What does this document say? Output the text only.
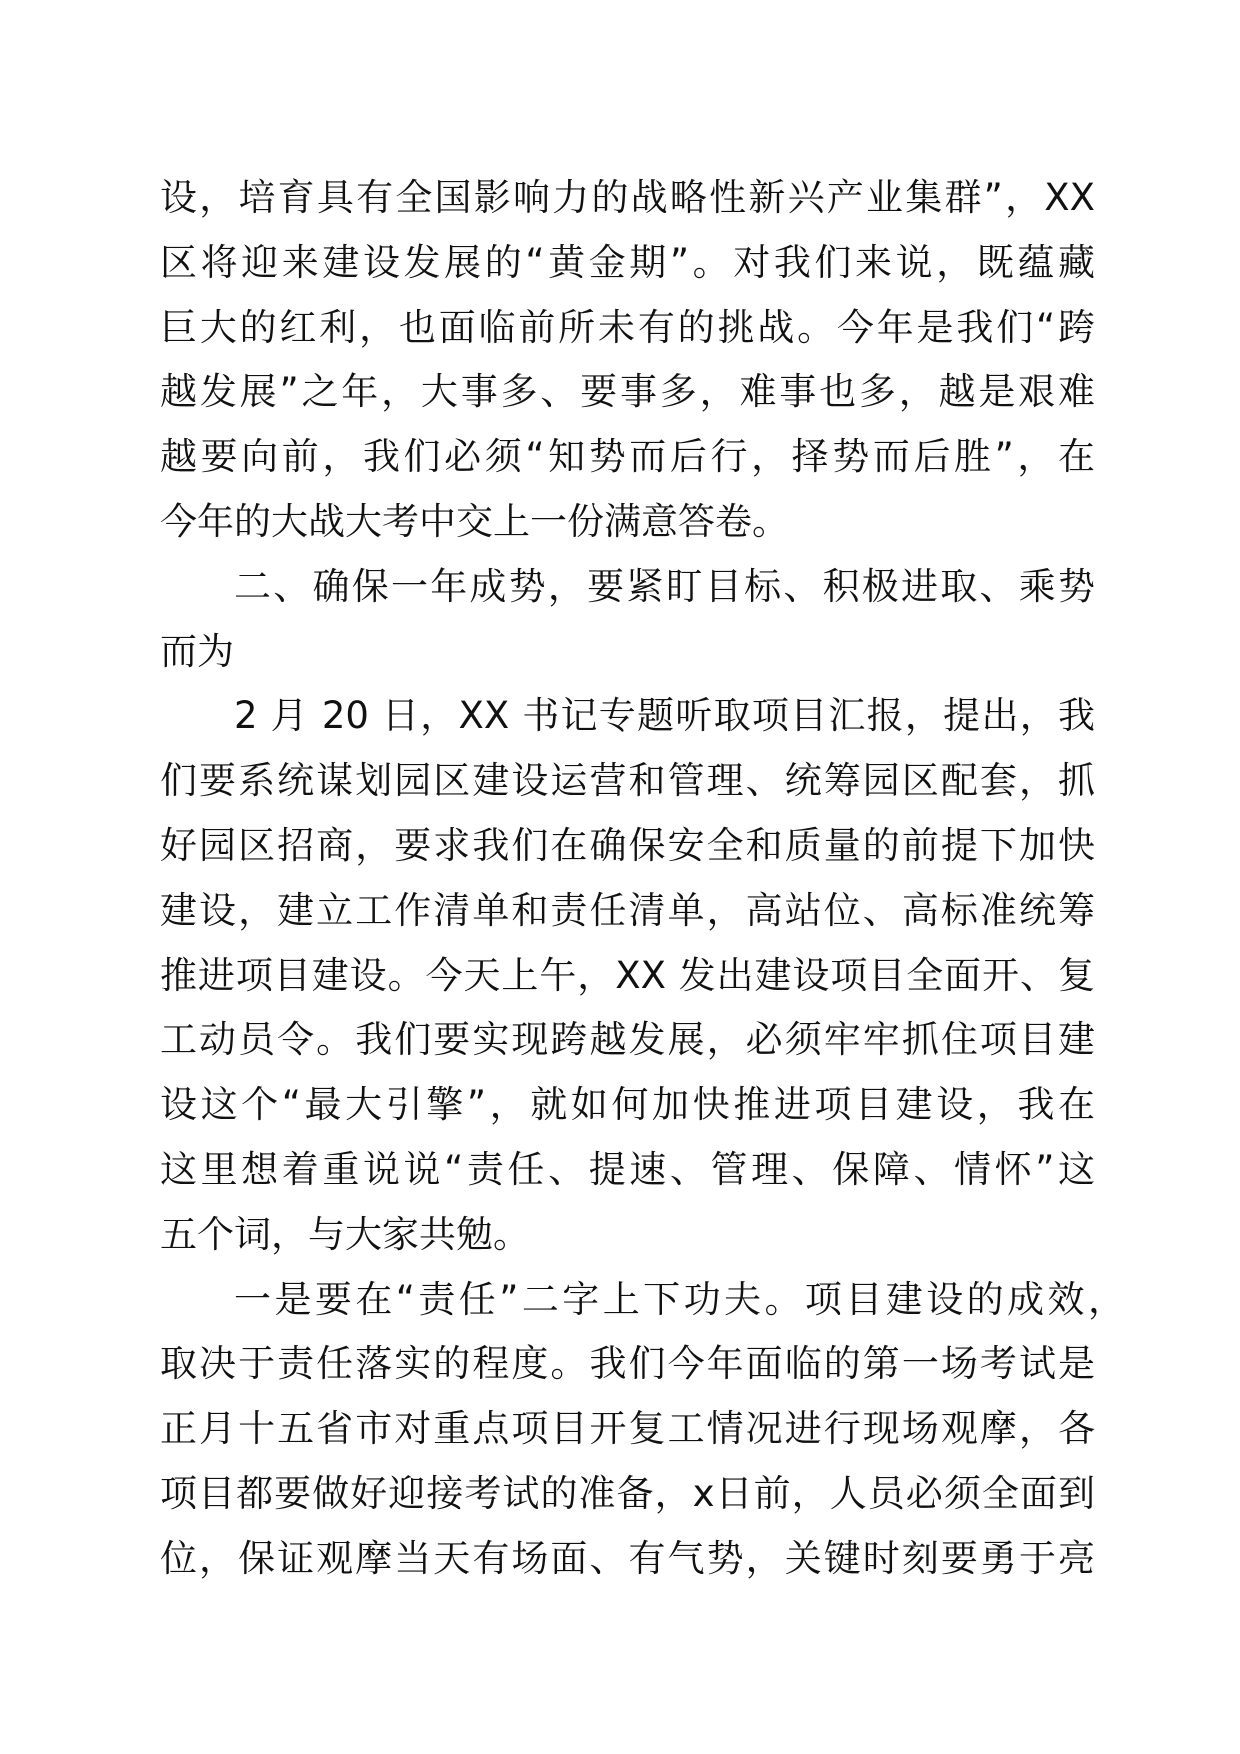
设，培育具有全国影响力的战略性新兴产业集群”，XX
区将迎来建设发展的“黄金期”。对我们来说，既蕴藏
巨大的红利，也面临前所未有的挑战。今年是我们“跨
越发展”之年，大事多、要事多，难事也多，越是艰难
越要向前，我们必须“知势而后行，择势而后胜”，在
今年的大战大考中交上一份满意答卷。
二、确保一年成势，要紧盯目标、积极进取、乘势
而为
2 月 20 日，XX 书记专题听取项目汇报，提出，我
们要系统谋划园区建设运营和管理、统筹园区配套，抓
好园区招商，要求我们在确保安全和质量的前提下加快
建设，建立工作清单和责任清单，高站位、高标准统筹
推进项目建设。今天上午，XX 发出建设项目全面开、复
工动员令。我们要实现跨越发展，必须牢牢抓住项目建
设这个“最大引擎”，就如何加快推进项目建设，我在
这里想着重说说“责任、提速、管理、保障、情怀”这
五个词，与大家共勉。
一是要在“责任”二字上下功夫。项目建设的成效，
取决于责任落实的程度。我们今年面临的第一场考试是
正月十五省市对重点项目开复工情况进行现场观摩，各
项目都要做好迎接考试的准备，x日前，人员必须全面到
位，保证观摩当天有场面、有气势，关键时刻要勇于亮
